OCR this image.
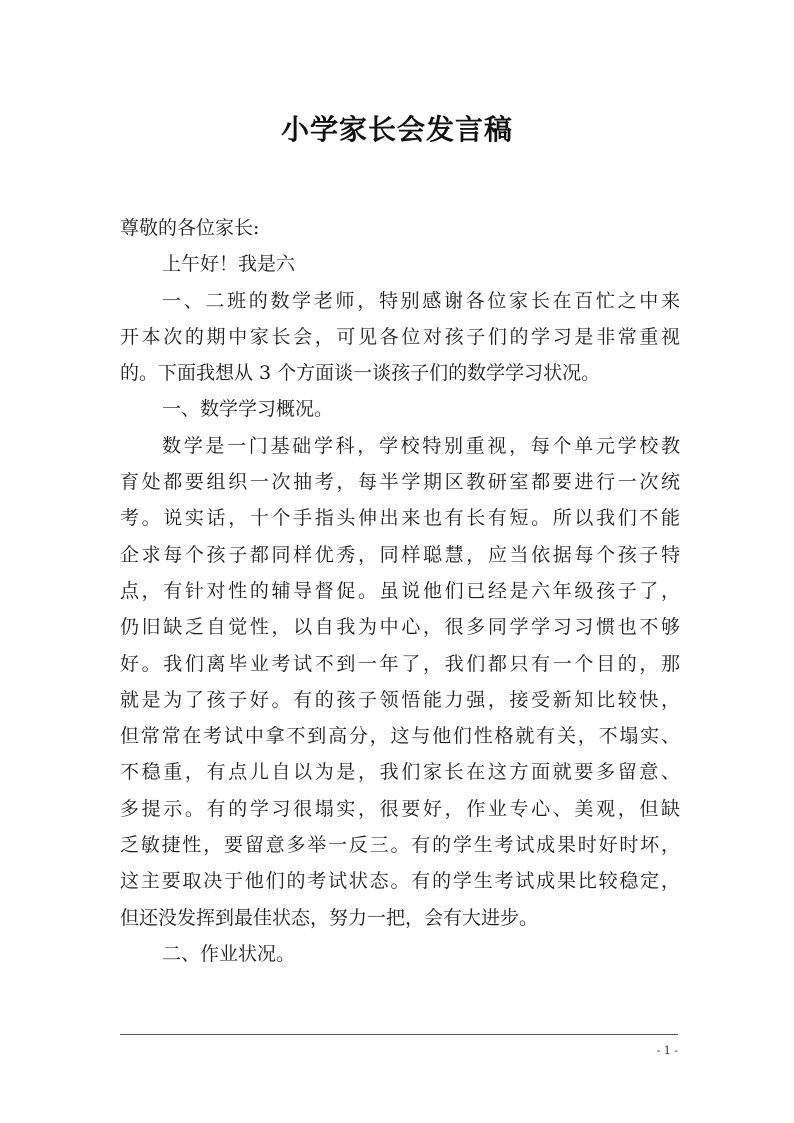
小学家长会发言稿
尊敬的各位家长:
上午好！我是六
一、二班的数学老师，特别感谢各位家长在百忙之中来
开本次的期中家长会，可见各位对孩子们的学习是非常重视
的。下面我想从 3 个方面谈一谈孩子们的数学学习状况。
一、数学学习概况。
数学是一门基础学科，学校特别重视，每个单元学校教
育处都要组织一次抽考，每半学期区教研室都要进行一次统
考。说实话，十个手指头伸出来也有长有短。所以我们不能
企求每个孩子都同样优秀，同样聪慧，应当依据每个孩子特
点，有针对性的辅导督促。虽说他们已经是六年级孩子了，
仍旧缺乏自觉性，以自我为中心，很多同学学习习惯也不够
好。我们离毕业考试不到一年了，我们都只有一个目的，那
就是为了孩子好。有的孩子领悟能力强，接受新知比较快，
但常常在考试中拿不到高分，这与他们性格就有关，不塌实、
不稳重，有点儿自以为是，我们家长在这方面就要多留意、
多提示。有的学习很塌实，很要好，作业专心、美观，但缺
乏敏捷性，要留意多举一反三。有的学生考试成果时好时坏，
这主要取决于他们的考试状态。有的学生考试成果比较稳定，
但还没发挥到最佳状态，努力一把，会有大进步。
二、作业状况。
- 1 -
